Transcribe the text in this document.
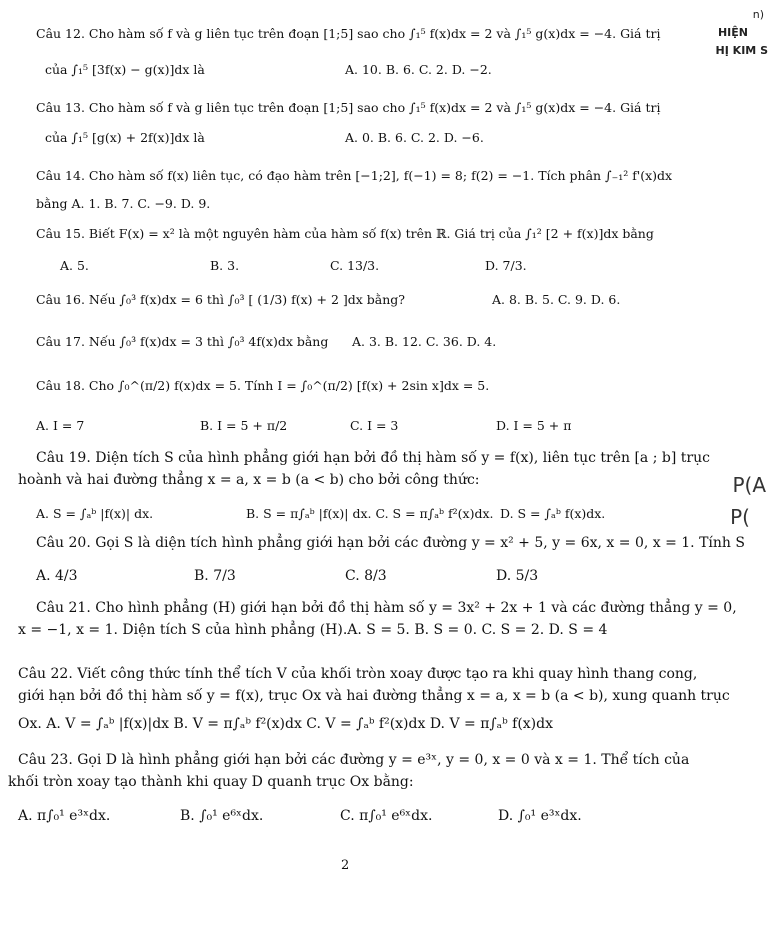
n)
HIỆN
HỊ KIM S
P(A
P(
Câu 12. Cho hàm số f và g liên tục trên đoạn [1;5] sao cho ∫₁⁵ f(x)dx = 2 và ∫₁⁵ g(x)dx = −4. Giá trị
của ∫₁⁵ [3f(x) − g(x)]dx là	A. 10. B. 6. C. 2. D. −2.
Câu 13. Cho hàm số f và g liên tục trên đoạn [1;5] sao cho ∫₁⁵ f(x)dx = 2 và ∫₁⁵ g(x)dx = −4. Giá trị
của ∫₁⁵ [g(x) + 2f(x)]dx là	A. 0. B. 6. C. 2. D. −6.
Câu 14. Cho hàm số f(x) liên tục, có đạo hàm trên [−1;2], f(−1) = 8; f(2) = −1. Tích phân ∫₋₁² f'(x)dx
bằng A. 1. B. 7. C. −9. D. 9.
Câu 15. Biết F(x) = x² là một nguyên hàm của hàm số f(x) trên ℝ. Giá trị của ∫₁² [2 + f(x)]dx bằng
A. 5.	B. 3.	C. 13/3.	D. 7/3.
Câu 16. Nếu ∫₀³ f(x)dx = 6 thì ∫₀³ [ (1/3) f(x) + 2 ]dx bằng?	A. 8. B. 5. C. 9. D. 6.
Câu 17. Nếu ∫₀³ f(x)dx = 3 thì ∫₀³ 4f(x)dx bằng	A. 3. B. 12. C. 36. D. 4.
Câu 18. Cho ∫₀^(π/2) f(x)dx = 5. Tính I = ∫₀^(π/2) [f(x) + 2sin x]dx = 5.
A. I = 7	B. I = 5 + π/2	C. I = 3	D. I = 5 + π
Câu 19. Diện tích S của hình phẳng giới hạn bởi đồ thị hàm số y = f(x), liên tục trên [a ; b] trục
hoành và hai đường thẳng x = a, x = b (a < b) cho bởi công thức:
A. S = ∫ₐᵇ |f(x)| dx.	B. S = π∫ₐᵇ |f(x)| dx. C. S = π∫ₐᵇ f²(x)dx. D. S = ∫ₐᵇ f(x)dx.
Câu 20. Gọi S là diện tích hình phẳng giới hạn bởi các đường y = x² + 5, y = 6x, x = 0, x = 1. Tính S
A. 4/3	B. 7/3	C. 8/3	D. 5/3
Câu 21. Cho hình phẳng (H) giới hạn bởi đồ thị hàm số y = 3x² + 2x + 1 và các đường thẳng y = 0,
x = −1, x = 1. Diện tích S của hình phẳng (H).A. S = 5. B. S = 0. C. S = 2. D. S = 4
Câu 22. Viết công thức tính thể tích V của khối tròn xoay được tạo ra khi quay hình thang cong,
giới hạn bởi đồ thị hàm số y = f(x), trục Ox và hai đường thẳng x = a, x = b (a < b), xung quanh trục
Ox. A. V = ∫ₐᵇ |f(x)|dx B. V = π∫ₐᵇ f²(x)dx C. V = ∫ₐᵇ f²(x)dx D. V = π∫ₐᵇ f(x)dx
Câu 23. Gọi D là hình phẳng giới hạn bởi các đường y = e³ˣ, y = 0, x = 0 và x = 1. Thể tích của
khối tròn xoay tạo thành khi quay D quanh trục Ox bằng:
A. π∫₀¹ e³ˣdx.	B. ∫₀¹ e⁶ˣdx.	C. π∫₀¹ e⁶ˣdx.	D. ∫₀¹ e³ˣdx.
2
